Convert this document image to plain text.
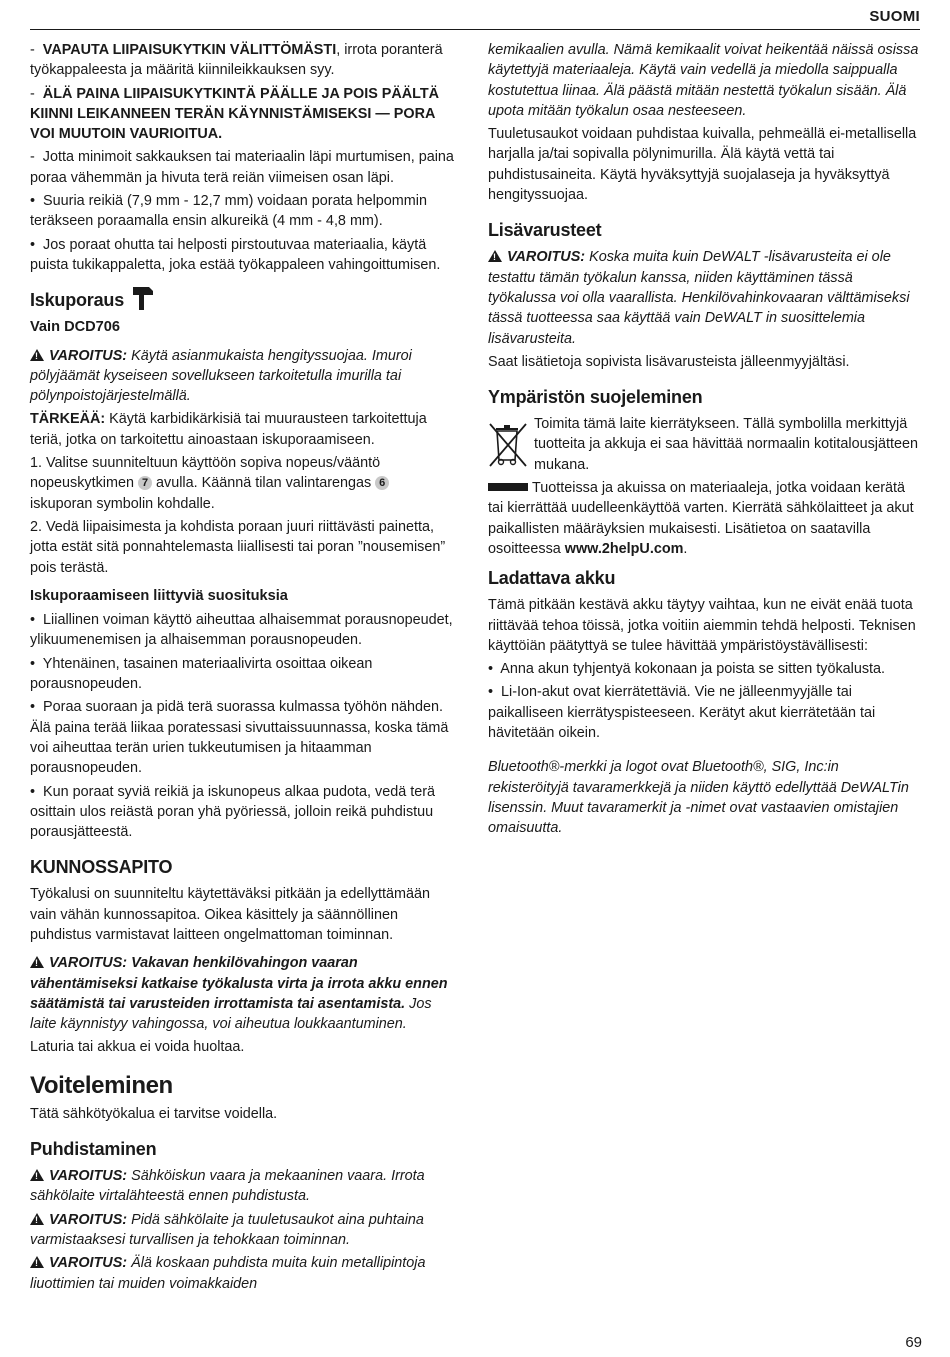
SUOMI

-  VAPAUTA LIIPAISUKYTKIN VÄLITTÖMÄSTI, irrota poranterä työkappaleesta ja määritä kiinnileikkauksen syy.

-  ÄLÄ PAINA LIIPAISUKYTKINTÄ PÄÄLLE JA POIS PÄÄLTÄ KIINNI LEIKANNEEN TERÄN KÄYNNISTÄMISEKSI — PORA VOI MUUTOIN VAURIOITUA.

-  Jotta minimoit sakkauksen tai materiaalin läpi murtumisen, paina poraa vähemmän ja hivuta terä reiän viimeisen osan läpi.

•  Suuria reikiä (7,9 mm - 12,7 mm) voidaan porata helpommin teräkseen poraamalla ensin alkureikä (4 mm - 4,8 mm).

•  Jos poraat ohutta tai helposti pirstoutuvaa materiaalia, käytä puista tukikappaletta, joka estää työkappaleen vahingoittumisen.

Iskuporaus
Vain DCD706

!VAROITUS: Käytä asianmukaista hengityssuojaa. Imuroi pölyjäämät kyseiseen sovellukseen tarkoitetulla imurilla tai pölynpoistojärjestelmällä.

TÄRKEÄÄ: Käytä karbidikärkisiä tai muurausteen tarkoitettuja teriä, jotka on tarkoitettu ainoastaan iskuporaamiseen.

1. Valitse suunniteltuun käyttöön sopiva nopeus/vääntö nopeuskytkimen 7 avulla. Käännä tilan valintarengas 6 iskuporan symbolin kohdalle.

2. Vedä liipaisimesta ja kohdista poraan juuri riittävästi painetta, jotta estät sitä ponnahtelemasta liiallisesti tai poran ”nousemisen” pois terästä.

Iskuporaamiseen liittyviä suosituksia

•  Liiallinen voiman käyttö aiheuttaa alhaisemmat porausnopeudet, ylikuumenemisen ja alhaisemman porausnopeuden.

•  Yhtenäinen, tasainen materiaalivirta osoittaa oikean porausnopeuden.

•  Poraa suoraan ja pidä terä suorassa kulmassa työhön nähden. Älä paina terää liikaa poratessasi sivuttaissuunnassa, koska tämä voi aiheuttaa terän urien tukkeutumisen ja hitaamman porausnopeuden.

•  Kun poraat syviä reikiä ja iskunopeus alkaa pudota, vedä terä osittain ulos reiästä poran yhä pyöriessä, jolloin reikä puhdistuu porausjätteestä.

KUNNOSSAPITO

Työkalusi on suunniteltu käytettäväksi pitkään ja edellyttämään vain vähän kunnossapitoa. Oikea käsittely ja säännöllinen puhdistus varmistavat laitteen ongelmattoman toiminnan.

!VAROITUS: Vakavan henkilövahingon vaaran vähentämiseksi katkaise työkalusta virta ja irrota akku ennen säätämistä tai varusteiden irrottamista tai asentamista. Jos laite käynnistyy vahingossa, voi aiheutua loukkaantuminen.

Laturia tai akkua ei voida huoltaa.

Voiteleminen

Tätä sähkötyökalua ei tarvitse voidella.

Puhdistaminen

!VAROITUS: Sähköiskun vaara ja mekaaninen vaara. Irrota sähkölaite virtalähteestä ennen puhdistusta.

!VAROITUS: Pidä sähkölaite ja tuuletusaukot aina puhtaina varmistaaksesi turvallisen ja tehokkaan toiminnan.

!VAROITUS: Älä koskaan puhdista muita kuin metallipintoja liuottimien tai muiden voimakkaiden

kemikaalien avulla. Nämä kemikaalit voivat heikentää näissä osissa käytettyjä materiaaleja. Käytä vain vedellä ja miedolla saippualla kostutettua liinaa. Älä päästä mitään nestettä työkalun sisään. Älä upota mitään työkalun osaa nesteeseen.

Tuuletusaukot voidaan puhdistaa kuivalla, pehmeällä ei-metallisella harjalla ja/tai sopivalla pölynimurilla. Älä käytä vettä tai puhdistusaineita. Käytä hyväksyttyjä suojalaseja ja hyväksyttyä hengityssuojaa.

Lisävarusteet

!VAROITUS: Koska muita kuin DeWALT -lisävarusteita ei ole testattu tämän työkalun kanssa, niiden käyttäminen tässä työkalussa voi olla vaarallista. Henkilövahinkovaaran välttämiseksi tässä tuotteessa saa käyttää vain DeWALT in suosittelemia lisävarusteita.

Saat lisätietoja sopivista lisävarusteista jälleenmyyjältäsi.

Ympäristön suojeleminen

Toimita tämä laite kierrätykseen. Tällä symbolilla merkittyjä tuotteita ja akkuja ei saa hävittää normaalin kotitalousjätteen mukana.

Tuotteissa ja akuissa on materiaaleja, jotka voidaan kerätä tai kierrättää uudelleenkäyttöä varten. Kierrätä sähkölaitteet ja akut paikallisten määräyksien mukaisesti. Lisätietoa on saatavilla osoitteessa www.2helpU.com.

Ladattava akku

Tämä pitkään kestävä akku täytyy vaihtaa, kun ne eivät enää tuota riittävää tehoa töissä, jotka voitiin aiemmin tehdä helposti. Teknisen käyttöiän päätyttyä se tulee hävittää ympäristöystävällisesti:

•  Anna akun tyhjentyä kokonaan ja poista se sitten työkalusta.

•  Li-Ion-akut ovat kierrätettäviä. Vie ne jälleenmyyjälle tai paikalliseen kierrätyspisteeseen. Kerätyt akut kierrätetään tai hävitetään oikein.

Bluetooth®-merkki ja logot ovat Bluetooth®, SIG, Inc:in rekisteröityjä tavaramerkkejä ja niiden käyttö edellyttää DeWALTin lisenssin. Muut tavaramerkit ja -nimet ovat vastaavien omistajien omaisuutta.

69
